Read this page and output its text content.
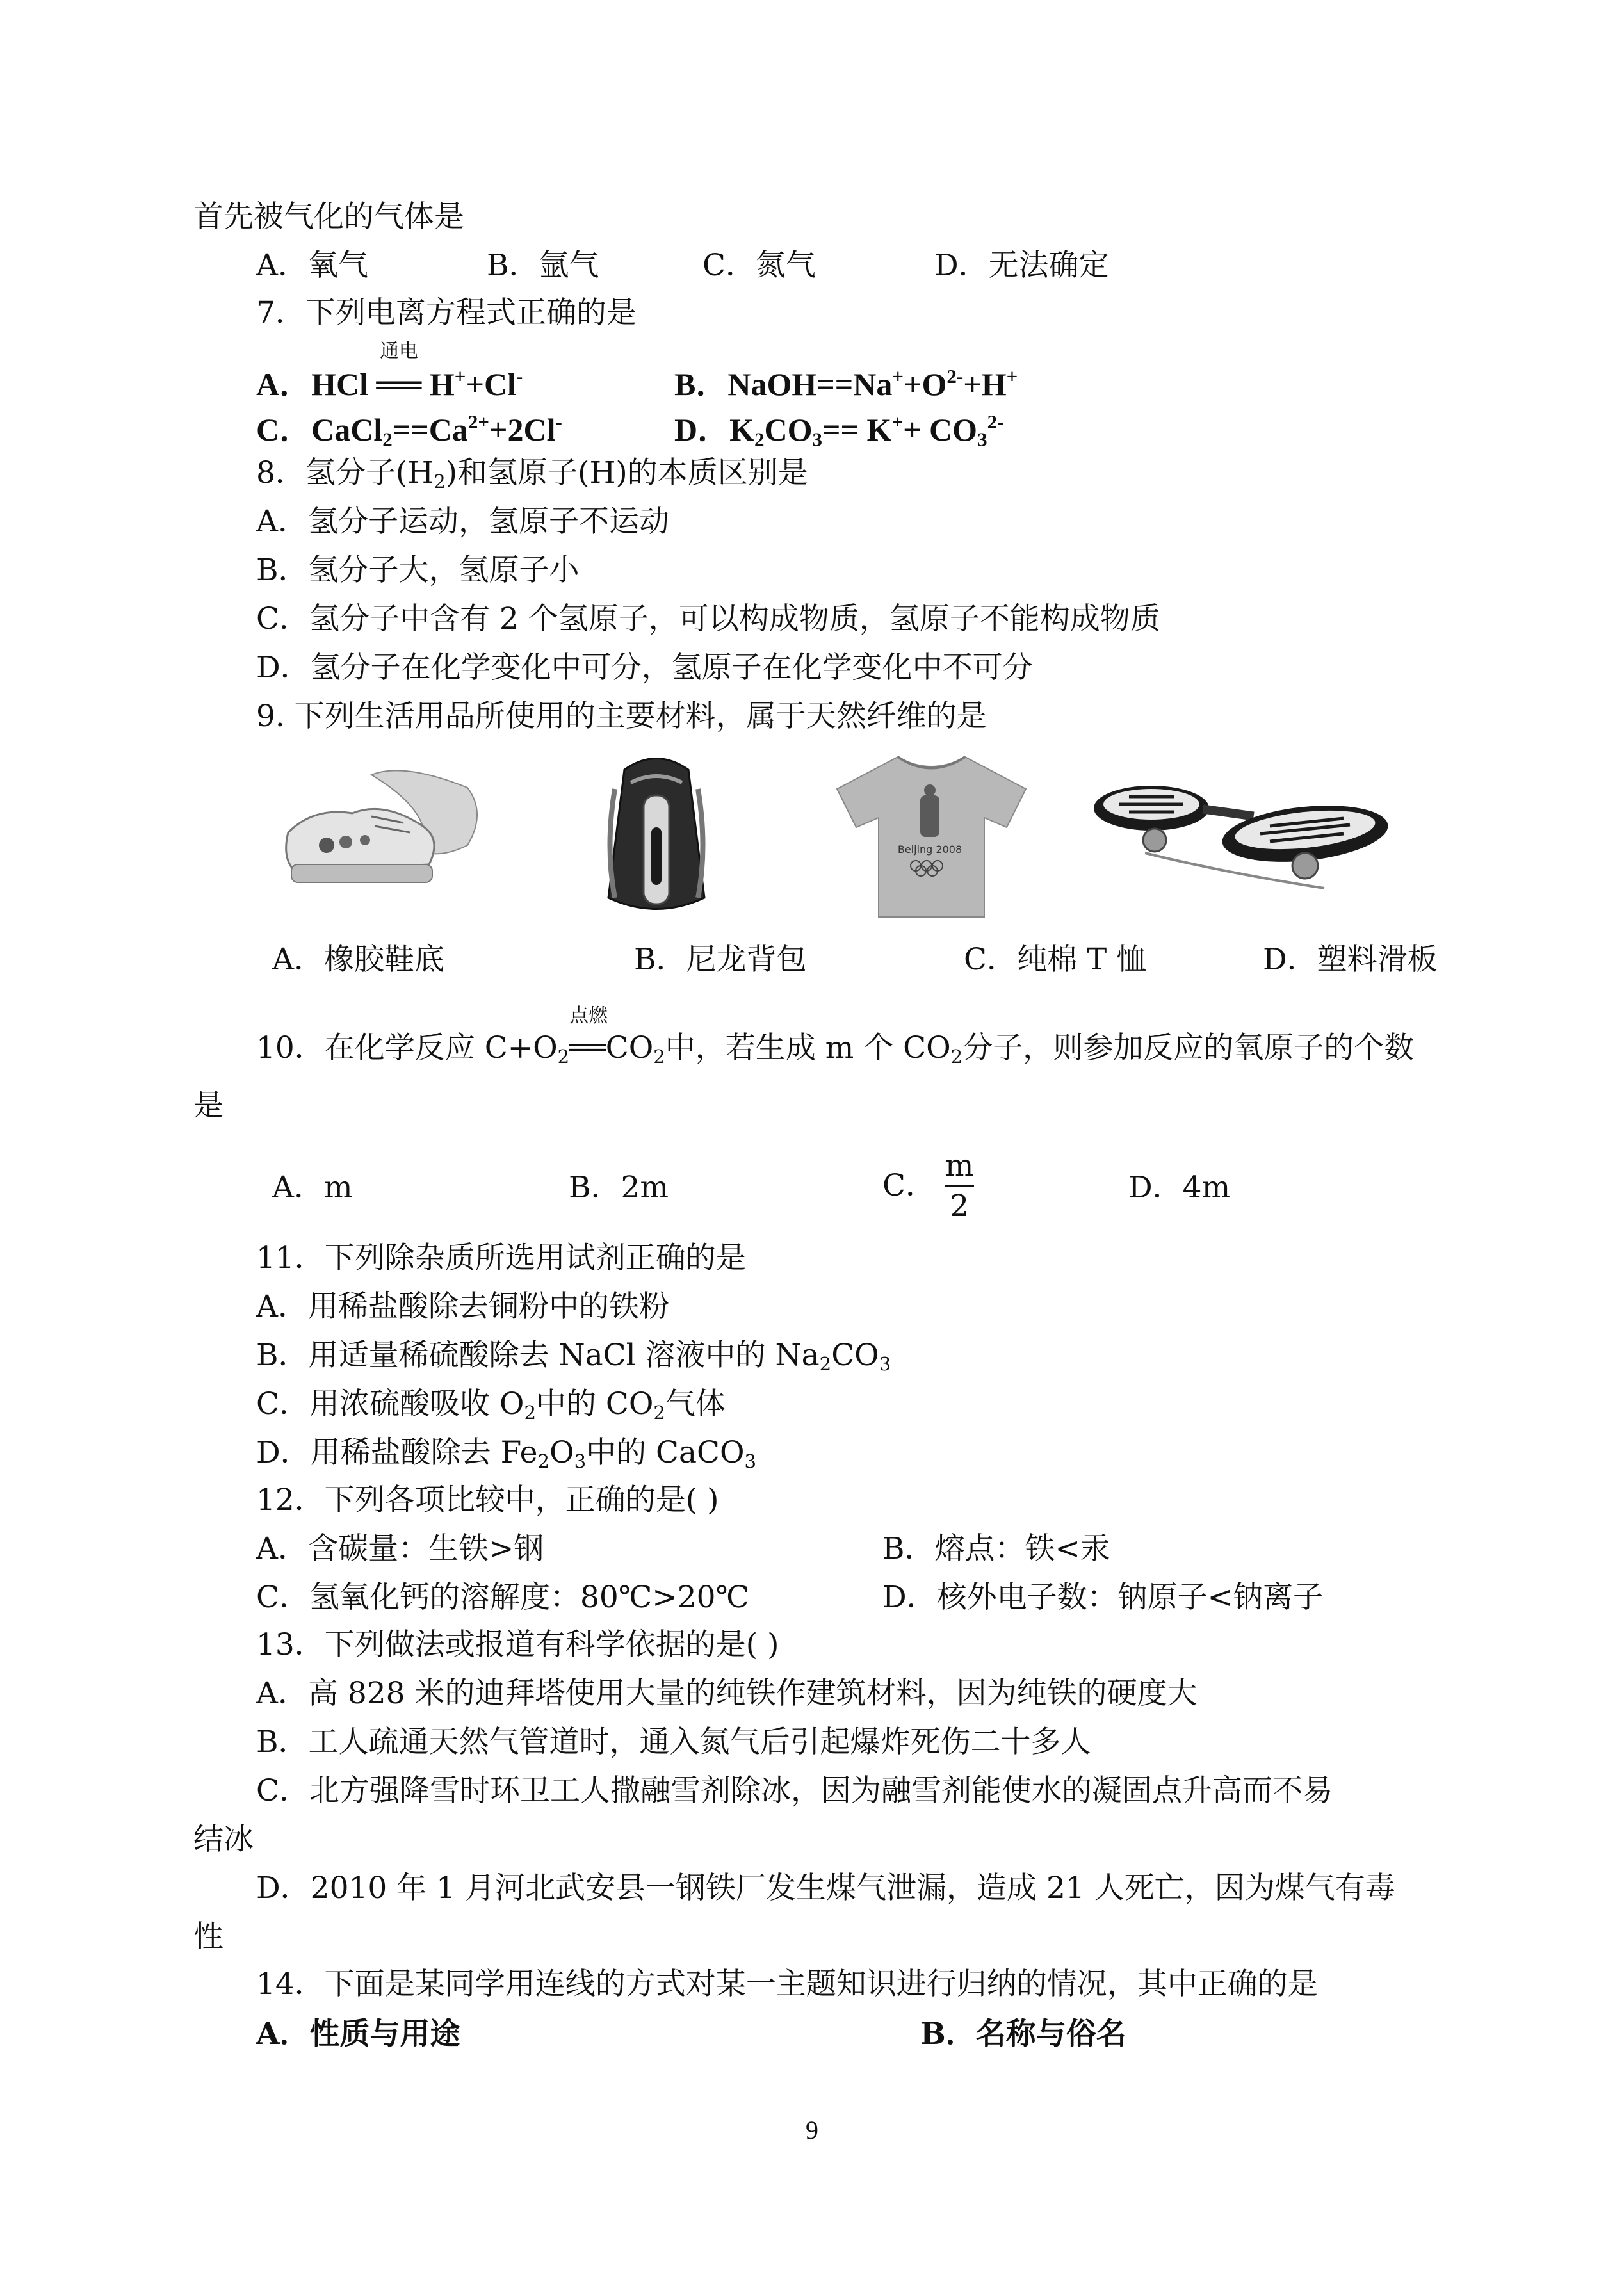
首先被气化的气体是
A．氧气	B．氩气	C．氮气	D．无法确定
7．下列电离方程式正确的是
A．HCl
通电
══ H++Cl-	B．$NaOH==Na^++O^{2-}+H^+$
C．$CaCl_2==Ca^{2+}+2Cl^-$	D．$K_2CO_3== K^++ CO_3^{2-}$
8．氢分子$(H_2)$和氢原子(H)的本质区别是
A．氢分子运动，氢原子不运动
B．氢分子大，氢原子小
C．氢分子中含有 2 个氢原子，可以构成物质，氢原子不能构成物质
D．氢分子在化学变化中可分，氢原子在化学变化中不可分
9. 下列生活用品所使用的主要材料，属于天然纤维的是
Beijing 2008
A．橡胶鞋底	B．尼龙背包	C．纯棉 T 恤	D．塑料滑板
10．在化学反应 $C+O_2$
点燃
$══CO_2$中，若生成 m 个 $CO_2$分子，则参加反应的氧原子的个数
是
A．m	B．2m	C． $\frac{m}{2}$	D．4m
11．下列除杂质所选用试剂正确的是
A．用稀盐酸除去铜粉中的铁粉
B．用适量稀硫酸除去 NaCl 溶液中的 $Na_2CO_3$
C．用浓硫酸吸收 $O_2$中的 $CO_2$气体
D．用稀盐酸除去 $Fe_2O_3$中的 CaCO$_3$
12．下列各项比较中，正确的是( )
A．含碳量：生铁>钢	B．熔点：铁<汞
C．氢氧化钙的溶解度：80℃>20℃	D．核外电子数：钠原子<钠离子
13．下列做法或报道有科学依据的是( )
A．高 828 米的迪拜塔使用大量的纯铁作建筑材料，因为纯铁的硬度大
B．工人疏通天然气管道时，通入氮气后引起爆炸死伤二十多人
C．北方强降雪时环卫工人撒融雪剂除冰，因为融雪剂能使水的凝固点升高而不易
结冰
D．2010 年 1 月河北武安县一钢铁厂发生煤气泄漏，造成 21 人死亡，因为煤气有毒
性
14．下面是某同学用连线的方式对某一主题知识进行归纳的情况，其中正确的是
A．性质与用途	B．名称与俗名
9
